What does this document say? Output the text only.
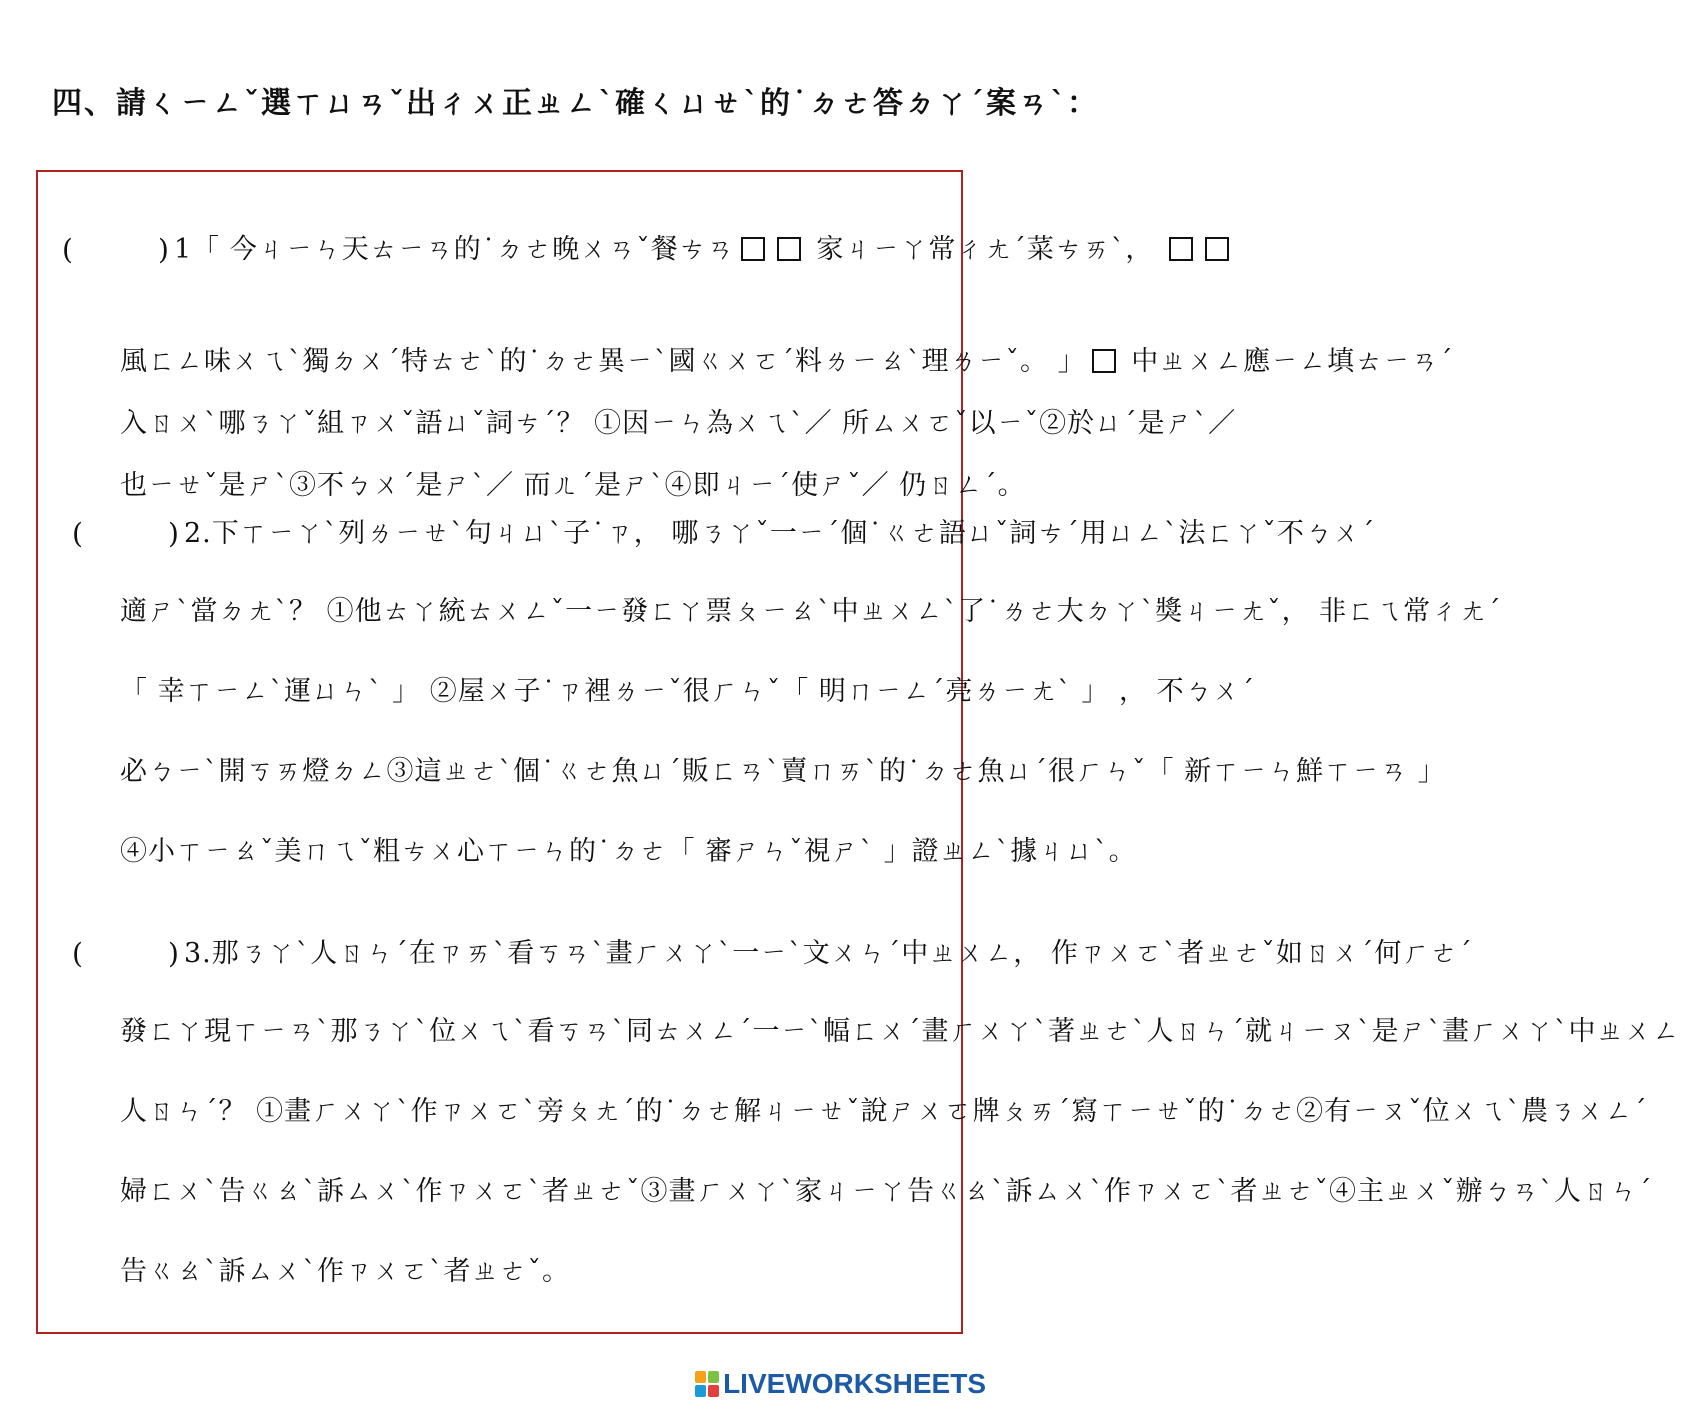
四、請ㄑㄧㄥˇ選ㄒㄩㄢˇ出ㄔㄨ正ㄓㄥˋ確ㄑㄩㄝˋ的˙ㄉㄜ答ㄉㄚˊ案ㄢˋ：
(	) 1「 今ㄐㄧㄣ天ㄊㄧㄢ的˙ㄉㄜ晚ㄨㄢˇ餐ㄘㄢ	家ㄐㄧㄚ常ㄔㄤˊ菜ㄘㄞˋ，
風ㄈㄥ味ㄨㄟˋ獨ㄉㄨˊ特ㄊㄜˋ的˙ㄉㄜ異ㄧˋ國ㄍㄨㄛˊ料ㄌㄧㄠˋ理ㄌㄧˇ。 」 中ㄓㄨㄥ應ㄧㄥ填ㄊㄧㄢˊ
入ㄖㄨˋ哪ㄋㄚˇ組ㄗㄨˇ語ㄩˇ詞ㄘˊ？ ①因ㄧㄣ為ㄨㄟˋ／ 所ㄙㄨㄛˇ以ㄧˇ②於ㄩˊ是ㄕˋ／
也ㄧㄝˇ是ㄕˋ③不ㄅㄨˊ是ㄕˋ／ 而ㄦˊ是ㄕˋ④即ㄐㄧˊ使ㄕˇ／ 仍ㄖㄥˊ。
(	) 2.下ㄒㄧㄚˋ列ㄌㄧㄝˋ句ㄐㄩˋ子˙ㄗ， 哪ㄋㄚˇ一ㄧˊ個˙ㄍㄜ語ㄩˇ詞ㄘˊ用ㄩㄥˋ法ㄈㄚˇ不ㄅㄨˊ
適ㄕˋ當ㄉㄤˋ？ ①他ㄊㄚ統ㄊㄨㄥˇ一ㄧ發ㄈㄚ票ㄆㄧㄠˋ中ㄓㄨㄥˋ了˙ㄌㄜ大ㄉㄚˋ獎ㄐㄧㄤˇ， 非ㄈㄟ常ㄔㄤˊ
「 幸ㄒㄧㄥˋ運ㄩㄣˋ 」 ②屋ㄨ子˙ㄗ裡ㄌㄧˇ很ㄏㄣˇ「 明ㄇㄧㄥˊ亮ㄌㄧㄤˋ 」 ， 不ㄅㄨˊ
必ㄅㄧˋ開ㄎㄞ燈ㄉㄥ③這ㄓㄜˋ個˙ㄍㄜ魚ㄩˊ販ㄈㄢˋ賣ㄇㄞˋ的˙ㄉㄜ魚ㄩˊ很ㄏㄣˇ「 新ㄒㄧㄣ鮮ㄒㄧㄢ 」
④小ㄒㄧㄠˇ美ㄇㄟˇ粗ㄘㄨ心ㄒㄧㄣ的˙ㄉㄜ「 審ㄕㄣˇ視ㄕˋ 」證ㄓㄥˋ據ㄐㄩˋ。
(	) 3.那ㄋㄚˋ人ㄖㄣˊ在ㄗㄞˋ看ㄎㄢˋ畫ㄏㄨㄚˋ一ㄧˋ文ㄨㄣˊ中ㄓㄨㄥ， 作ㄗㄨㄛˋ者ㄓㄜˇ如ㄖㄨˊ何ㄏㄜˊ
發ㄈㄚ現ㄒㄧㄢˋ那ㄋㄚˋ位ㄨㄟˋ看ㄎㄢˋ同ㄊㄨㄥˊ一ㄧˋ幅ㄈㄨˊ畫ㄏㄨㄚˋ著ㄓㄜˋ人ㄖㄣˊ就ㄐㄧㄡˋ是ㄕˋ畫ㄏㄨㄚˋ中ㄓㄨㄥ
人ㄖㄣˊ？ ①畫ㄏㄨㄚˋ作ㄗㄨㄛˋ旁ㄆㄤˊ的˙ㄉㄜ解ㄐㄧㄝˇ說ㄕㄨㄛ牌ㄆㄞˊ寫ㄒㄧㄝˇ的˙ㄉㄜ②有ㄧㄡˇ位ㄨㄟˋ農ㄋㄨㄥˊ
婦ㄈㄨˋ告ㄍㄠˋ訴ㄙㄨˋ作ㄗㄨㄛˋ者ㄓㄜˇ③畫ㄏㄨㄚˋ家ㄐㄧㄚ告ㄍㄠˋ訴ㄙㄨˋ作ㄗㄨㄛˋ者ㄓㄜˇ④主ㄓㄨˇ辦ㄅㄢˋ人ㄖㄣˊ
告ㄍㄠˋ訴ㄙㄨˋ作ㄗㄨㄛˋ者ㄓㄜˇ。
LIVEWORKSHEETS
